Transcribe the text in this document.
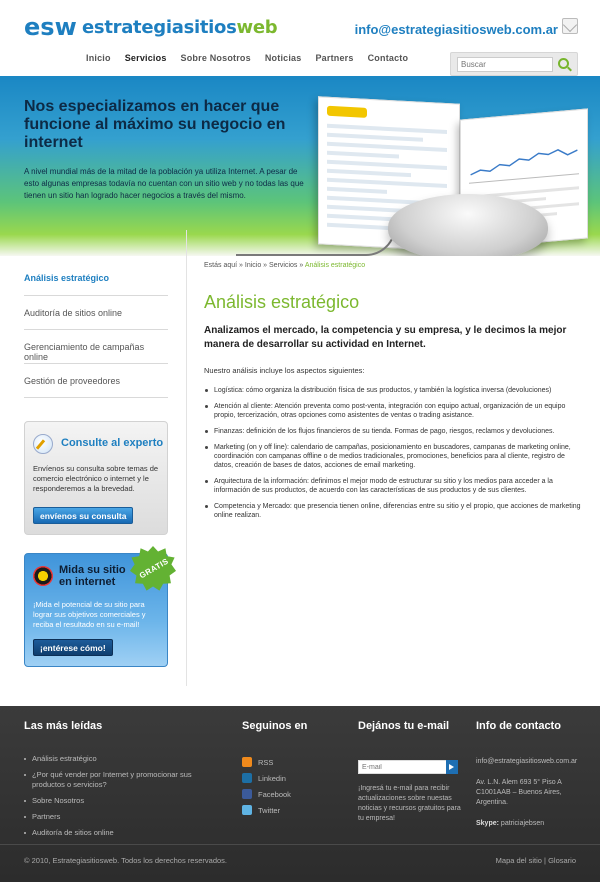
esw estrategiasitiosweb	info@estrategiasitiosweb.com.ar
Inicio Servicios Sobre Nosotros Noticias Partners Contacto
Buscar
Nos especializamos en hacer que funcione al máximo su negocio en internet

A nivel mundial más de la mitad de la población ya utiliza Internet. A pesar de esto algunas empresas todavía no cuentan con un sitio web y no todas las que tienen un sitio han logrado hacer negocios a través del mismo.

Análisis estratégico
Auditoría de sitios online
Gerenciamiento de campañas online
Gestión de proveedores
Consulte al experto

Envíenos su consulta sobre temas de comercio electrónico o internet y le responderemos a la brevedad.

envíenos su consulta
Mida su sitio en internet

¡Mida el potencial de su sitio para lograr sus objetivos comerciales y reciba el resultado en su e-mail!

¡entérese cómo!
GRATIS
Estás aquí » Inicio » Servicios » Análisis estratégico
Análisis estratégico
Analizamos el mercado, la competencia y su empresa, y le decimos la mejor manera de desarrollar su actividad en Internet.
Nuestro análisis incluye los aspectos siguientes:
Logística: cómo organiza la distribución física de sus productos, y también la logística inversa (devoluciones)
Atención al cliente: Atención preventa como post-venta, integración con equipo actual, organización de un equipo propio, tercerización, otras opciones como asistentes de ventas o trading asistance.
Finanzas: definición de los flujos financieros de su tienda. Formas de pago, riesgos, reclamos y devoluciones.
Marketing (on y off line): calendario de campañas, posicionamiento en buscadores, campanas de marketing online, coordinación con campanas offline o de medios tradicionales, promociones, beneficios para al cliente, registro de datos, creación de bases de datos, acciones de email marketing.
Arquitectura de la información: definimos el mejor modo de estructurar su sitio y los medios para acceder a la información de sus productos, de acuerdo con las características de sus productos y de sus clientes.
Competencia y Mercado: que presencia tienen online, diferencias entre su sitio y el propio, que acciones de marketing online realizan.
Las más leídas
Análisis estratégico
¿Por qué vender por Internet y promocionar sus productos o servicios?
Sobre Nosotros
Partners
Auditoría de sitios online
Seguinos en
RSS
Linkedin
Facebook
Twitter
Dejános tu e-mail
E-mail
¡Ingresá tu e-mail para recibir actualizaciones sobre nuestas noticias y recursos gratuitos para tu empresa!
Info de contacto
info@estrategiasitiosweb.com.ar
Av. L.N. Alem 693 5° Piso A C1001AAB – Buenos Aires, Argentina.
Skype: patriciajebsen
© 2010, Estrategiasitiosweb. Todos los derechos reservados.	Mapa del sitio | Glosario
